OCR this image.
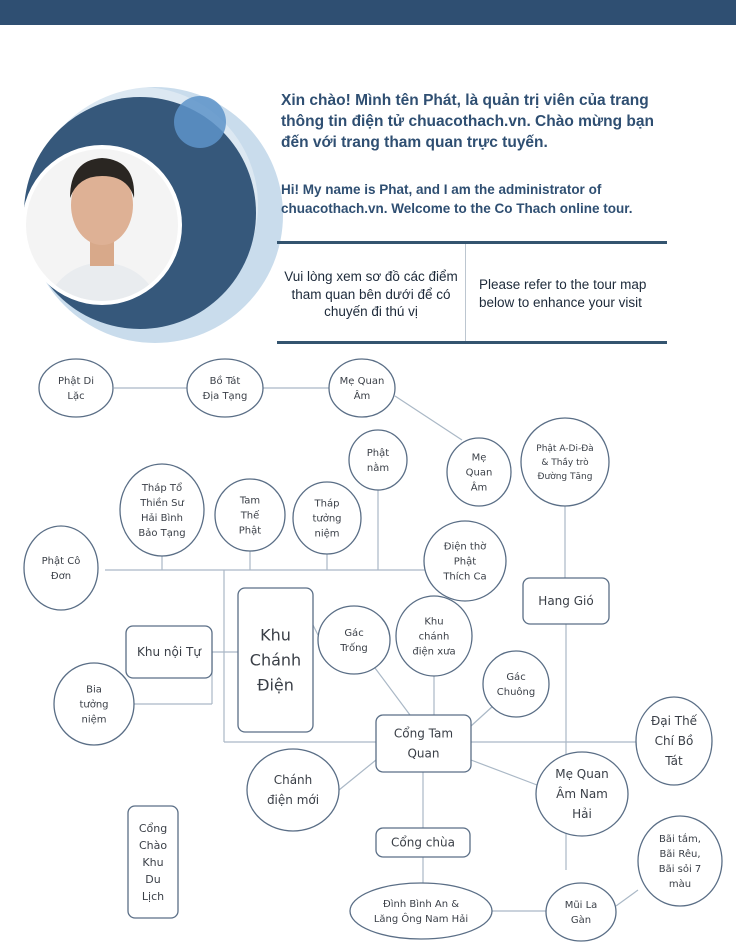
Xin chào! Mình tên Phát, là quản trị viên của trang thông tin điện tử chuacothach.vn. Chào mừng bạn đến với trang tham quan trực tuyến.
Hi! My name is Phat, and I am the administrator of chuacothach.vn. Welcome to the Co Thach online tour.
Vui lòng xem sơ đồ các điểm tham quan bên dưới để có chuyến đi thú vị
Please refer to the tour map below to enhance your visit
Phật Di Lặc
Bồ Tát Địa Tạng
Mẹ Quan Âm
Phật nằm
Mẹ Quan Âm
Phật A-Di-Đà & Thầy trò Đường Tăng
Tháp Tổ Thiền Sư Hải Bình Bảo Tạng
Tam Thế Phật
Tháp tưởng niệm
Phật Cô Đơn
Điện thờ Phật Thích Ca
Hang Gió
Khu Chánh Điện
Gác Trống
Khu chánh điện xưa
Khu nội Tự
Gác Chuông
Bia tưởng niệm	Đại Thế Chí Bồ Tát
Cổng Tam Quan
Chánh điện mới
Mẹ Quan Âm Nam Hải
Cổng Chào Khu Du Lịch
Cổng chùa	Bãi tắm, Bãi Rêu, Bãi sỏi 7 màu
Đình Bình An & Lăng Ông Nam Hải
Mũi La Gàn
